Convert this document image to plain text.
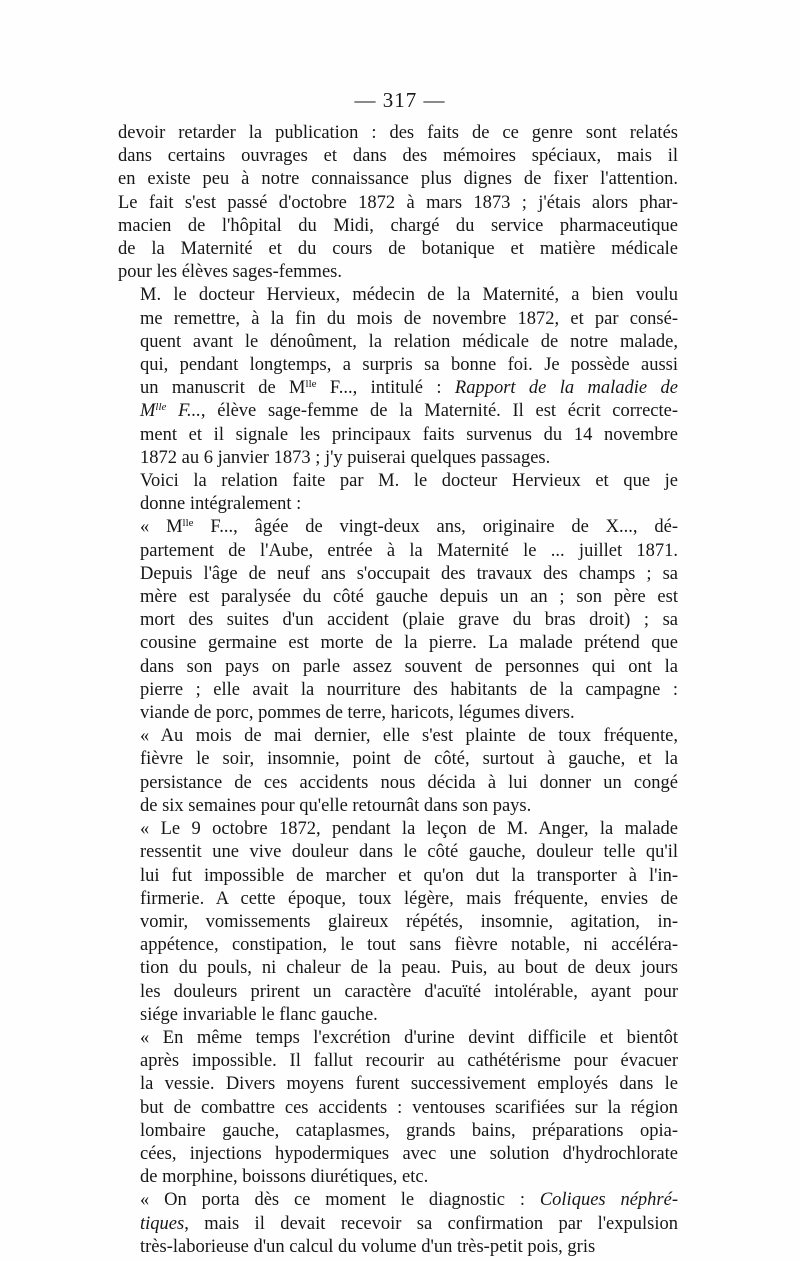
— 317 —

devoir retarder la publication : des faits de ce genre sont relatés
dans certains ouvrages et dans des mémoires spéciaux, mais il
en existe peu à notre connaissance plus dignes de fixer l'attention.
Le fait s'est passé d'octobre 1872 à mars 1873 ; j'étais alors phar-
macien de l'hôpital du Midi, chargé du service pharmaceutique
de la Maternité et du cours de botanique et matière médicale
pour les élèves sages-femmes.

M. le docteur Hervieux, médecin de la Maternité, a bien voulu
me remettre, à la fin du mois de novembre 1872, et par consé-
quent avant le dénoûment, la relation médicale de notre malade,
qui, pendant longtemps, a surpris sa bonne foi. Je possède aussi
un manuscrit de $M^{lle}$ F..., intitulé : Rapport de la maladie de
$M^{lle}$ F..., élève sage-femme de la Maternité. Il est écrit correcte-
ment et il signale les principaux faits survenus du 14 novembre
1872 au 6 janvier 1873 ; j'y puiserai quelques passages.

Voici la relation faite par M. le docteur Hervieux et que je
donne intégralement :

« $M^{lle}$ F..., âgée de vingt-deux ans, originaire de X..., dé-
partement de l'Aube, entrée à la Maternité le ... juillet 1871.
Depuis l'âge de neuf ans s'occupait des travaux des champs ; sa
mère est paralysée du côté gauche depuis un an ; son père est
mort des suites d'un accident (plaie grave du bras droit) ; sa
cousine germaine est morte de la pierre. La malade prétend que
dans son pays on parle assez souvent de personnes qui ont la
pierre ; elle avait la nourriture des habitants de la campagne :
viande de porc, pommes de terre, haricots, légumes divers.

« Au mois de mai dernier, elle s'est plainte de toux fréquente,
fièvre le soir, insomnie, point de côté, surtout à gauche, et la
persistance de ces accidents nous décida à lui donner un congé
de six semaines pour qu'elle retournât dans son pays.

« Le 9 octobre 1872, pendant la leçon de M. Anger, la malade
ressentit une vive douleur dans le côté gauche, douleur telle qu'il
lui fut impossible de marcher et qu'on dut la transporter à l'in-
firmerie. A cette époque, toux légère, mais fréquente, envies de
vomir, vomissements glaireux répétés, insomnie, agitation, in-
appétence, constipation, le tout sans fièvre notable, ni accéléra-
tion du pouls, ni chaleur de la peau. Puis, au bout de deux jours
les douleurs prirent un caractère d'acuïté intolérable, ayant pour
siége invariable le flanc gauche.

« En même temps l'excrétion d'urine devint difficile et bientôt
après impossible. Il fallut recourir au cathétérisme pour évacuer
la vessie. Divers moyens furent successivement employés dans le
but de combattre ces accidents : ventouses scarifiées sur la région
lombaire gauche, cataplasmes, grands bains, préparations opia-
cées, injections hypodermiques avec une solution d'hydrochlorate
de morphine, boissons diurétiques, etc.

« On porta dès ce moment le diagnostic : Coliques néphré-
tiques, mais il devait recevoir sa confirmation par l'expulsion
très-laborieuse d'un calcul du volume d'un très-petit pois, gris
